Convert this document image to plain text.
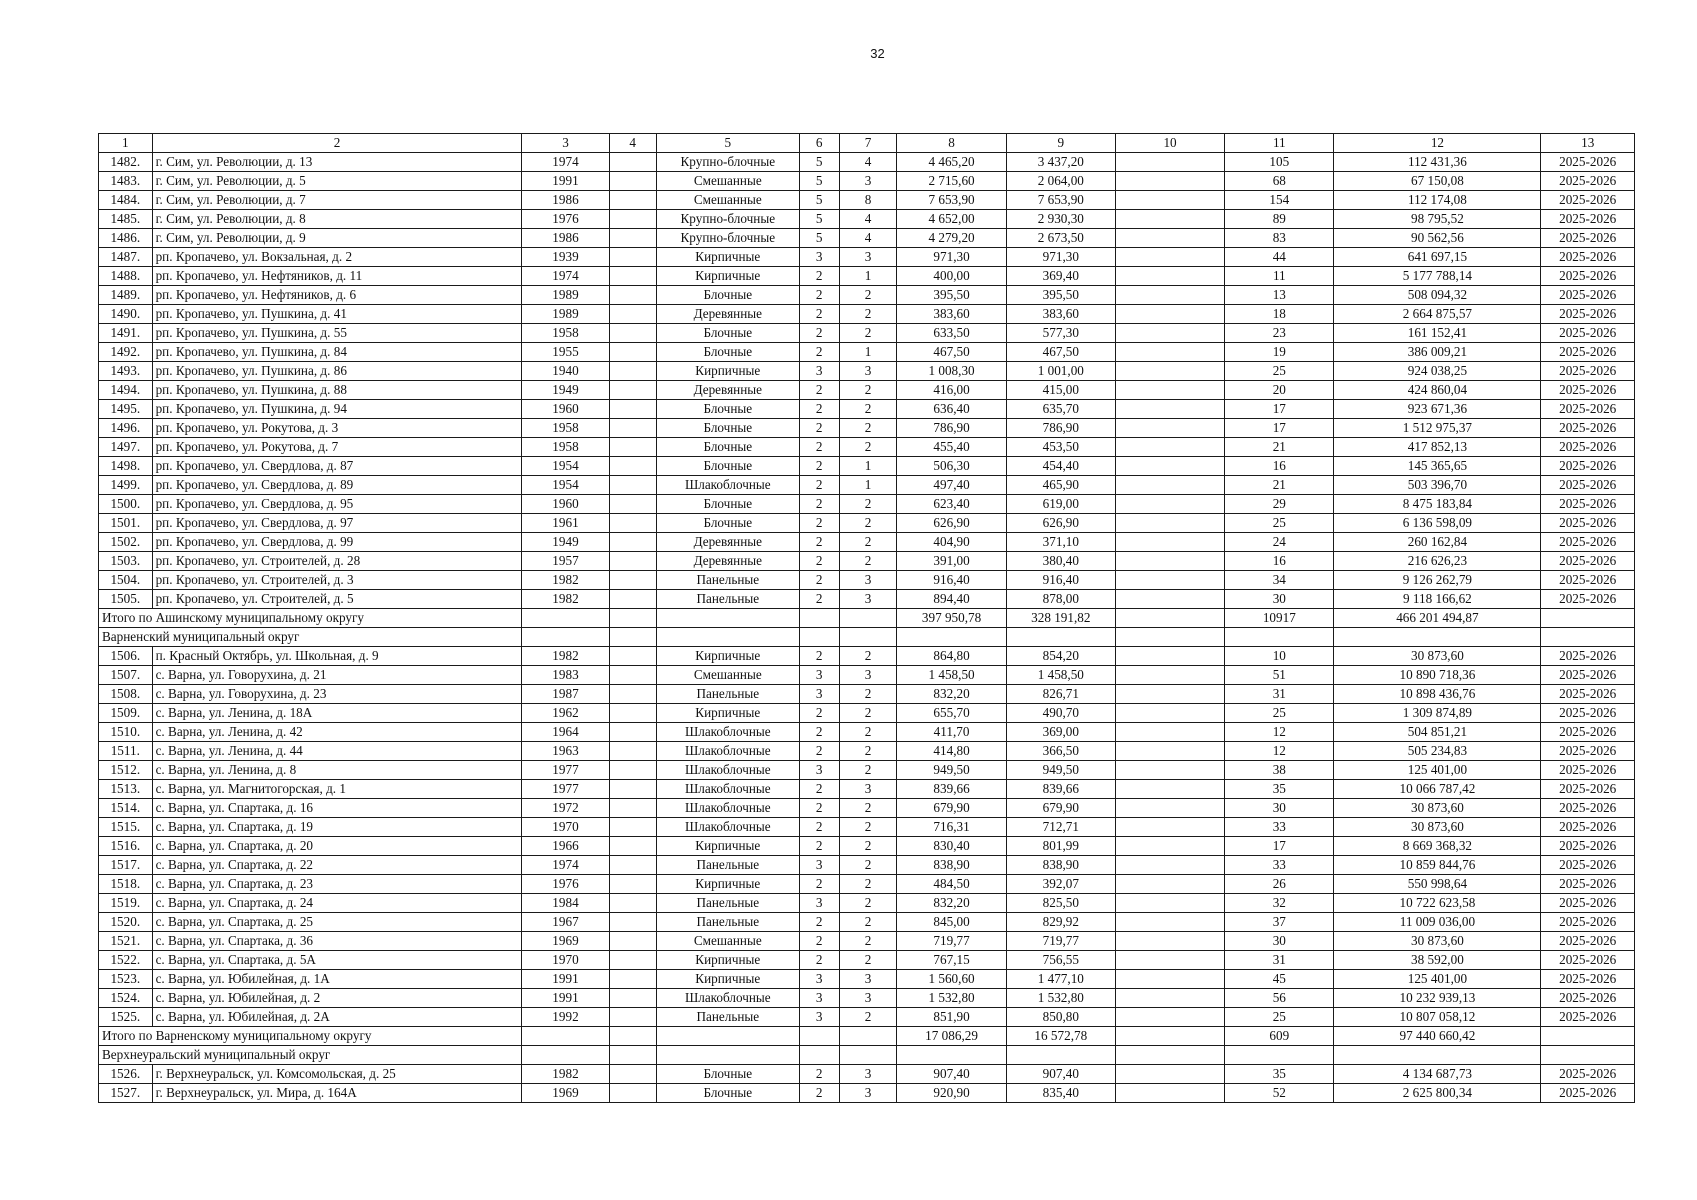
32
1	2	3	4	5	6	7	8	9	10	11	12	13
1482.	г. Сим, ул. Революции, д. 13	1974		Крупно-блочные	5	4	4 465,20	3 437,20		105	112 431,36	2025-2026
1483.	г. Сим, ул. Революции, д. 5	1991		Смешанные	5	3	2 715,60	2 064,00		68	67 150,08	2025-2026
1484.	г. Сим, ул. Революции, д. 7	1986		Смешанные	5	8	7 653,90	7 653,90		154	112 174,08	2025-2026
1485.	г. Сим, ул. Революции, д. 8	1976		Крупно-блочные	5	4	4 652,00	2 930,30		89	98 795,52	2025-2026
1486.	г. Сим, ул. Революции, д. 9	1986		Крупно-блочные	5	4	4 279,20	2 673,50		83	90 562,56	2025-2026
1487.	рп. Кропачево, ул. Вокзальная, д. 2	1939		Кирпичные	3	3	971,30	971,30		44	641 697,15	2025-2026
1488.	рп. Кропачево, ул. Нефтяников, д. 11	1974		Кирпичные	2	1	400,00	369,40		11	5 177 788,14	2025-2026
1489.	рп. Кропачево, ул. Нефтяников, д. 6	1989		Блочные	2	2	395,50	395,50		13	508 094,32	2025-2026
1490.	рп. Кропачево, ул. Пушкина, д. 41	1989		Деревянные	2	2	383,60	383,60		18	2 664 875,57	2025-2026
1491.	рп. Кропачево, ул. Пушкина, д. 55	1958		Блочные	2	2	633,50	577,30		23	161 152,41	2025-2026
1492.	рп. Кропачево, ул. Пушкина, д. 84	1955		Блочные	2	1	467,50	467,50		19	386 009,21	2025-2026
1493.	рп. Кропачево, ул. Пушкина, д. 86	1940		Кирпичные	3	3	1 008,30	1 001,00		25	924 038,25	2025-2026
1494.	рп. Кропачево, ул. Пушкина, д. 88	1949		Деревянные	2	2	416,00	415,00		20	424 860,04	2025-2026
1495.	рп. Кропачево, ул. Пушкина, д. 94	1960		Блочные	2	2	636,40	635,70		17	923 671,36	2025-2026
1496.	рп. Кропачево, ул. Рокутова, д. 3	1958		Блочные	2	2	786,90	786,90		17	1 512 975,37	2025-2026
1497.	рп. Кропачево, ул. Рокутова, д. 7	1958		Блочные	2	2	455,40	453,50		21	417 852,13	2025-2026
1498.	рп. Кропачево, ул. Свердлова, д. 87	1954		Блочные	2	1	506,30	454,40		16	145 365,65	2025-2026
1499.	рп. Кропачево, ул. Свердлова, д. 89	1954		Шлакоблочные	2	1	497,40	465,90		21	503 396,70	2025-2026
1500.	рп. Кропачево, ул. Свердлова, д. 95	1960		Блочные	2	2	623,40	619,00		29	8 475 183,84	2025-2026
1501.	рп. Кропачево, ул. Свердлова, д. 97	1961		Блочные	2	2	626,90	626,90		25	6 136 598,09	2025-2026
1502.	рп. Кропачево, ул. Свердлова, д. 99	1949		Деревянные	2	2	404,90	371,10		24	260 162,84	2025-2026
1503.	рп. Кропачево, ул. Строителей, д. 28	1957		Деревянные	2	2	391,00	380,40		16	216 626,23	2025-2026
1504.	рп. Кропачево, ул. Строителей, д. 3	1982		Панельные	2	3	916,40	916,40		34	9 126 262,79	2025-2026
1505.	рп. Кропачево, ул. Строителей, д. 5	1982		Панельные	2	3	894,40	878,00		30	9 118 166,62	2025-2026
Итого по Ашинскому муниципальному округу							397 950,78	328 191,82		10917	466 201 494,87	
Варненский муниципальный округ												
1506.	п. Красный Октябрь, ул. Школьная, д. 9	1982		Кирпичные	2	2	864,80	854,20		10	30 873,60	2025-2026
1507.	с. Варна, ул. Говорухина, д. 21	1983		Смешанные	3	3	1 458,50	1 458,50		51	10 890 718,36	2025-2026
1508.	с. Варна, ул. Говорухина, д. 23	1987		Панельные	3	2	832,20	826,71		31	10 898 436,76	2025-2026
1509.	с. Варна, ул. Ленина, д. 18А	1962		Кирпичные	2	2	655,70	490,70		25	1 309 874,89	2025-2026
1510.	с. Варна, ул. Ленина, д. 42	1964		Шлакоблочные	2	2	411,70	369,00		12	504 851,21	2025-2026
1511.	с. Варна, ул. Ленина, д. 44	1963		Шлакоблочные	2	2	414,80	366,50		12	505 234,83	2025-2026
1512.	с. Варна, ул. Ленина, д. 8	1977		Шлакоблочные	3	2	949,50	949,50		38	125 401,00	2025-2026
1513.	с. Варна, ул. Магнитогорская, д. 1	1977		Шлакоблочные	2	3	839,66	839,66		35	10 066 787,42	2025-2026
1514.	с. Варна, ул. Спартака, д. 16	1972		Шлакоблочные	2	2	679,90	679,90		30	30 873,60	2025-2026
1515.	с. Варна, ул. Спартака, д. 19	1970		Шлакоблочные	2	2	716,31	712,71		33	30 873,60	2025-2026
1516.	с. Варна, ул. Спартака, д. 20	1966		Кирпичные	2	2	830,40	801,99		17	8 669 368,32	2025-2026
1517.	с. Варна, ул. Спартака, д. 22	1974		Панельные	3	2	838,90	838,90		33	10 859 844,76	2025-2026
1518.	с. Варна, ул. Спартака, д. 23	1976		Кирпичные	2	2	484,50	392,07		26	550 998,64	2025-2026
1519.	с. Варна, ул. Спартака, д. 24	1984		Панельные	3	2	832,20	825,50		32	10 722 623,58	2025-2026
1520.	с. Варна, ул. Спартака, д. 25	1967		Панельные	2	2	845,00	829,92		37	11 009 036,00	2025-2026
1521.	с. Варна, ул. Спартака, д. 36	1969		Смешанные	2	2	719,77	719,77		30	30 873,60	2025-2026
1522.	с. Варна, ул. Спартака, д. 5А	1970		Кирпичные	2	2	767,15	756,55		31	38 592,00	2025-2026
1523.	с. Варна, ул. Юбилейная, д. 1А	1991		Кирпичные	3	3	1 560,60	1 477,10		45	125 401,00	2025-2026
1524.	с. Варна, ул. Юбилейная, д. 2	1991		Шлакоблочные	3	3	1 532,80	1 532,80		56	10 232 939,13	2025-2026
1525.	с. Варна, ул. Юбилейная, д. 2А	1992		Панельные	3	2	851,90	850,80		25	10 807 058,12	2025-2026
Итого по Варненскому муниципальному округу							17 086,29	16 572,78		609	97 440 660,42	
Верхнеуральский муниципальный округ												
1526.	г. Верхнеуральск, ул. Комсомольская, д. 25	1982		Блочные	2	3	907,40	907,40		35	4 134 687,73	2025-2026
1527.	г. Верхнеуральск, ул. Мира, д. 164А	1969		Блочные	2	3	920,90	835,40		52	2 625 800,34	2025-2026
